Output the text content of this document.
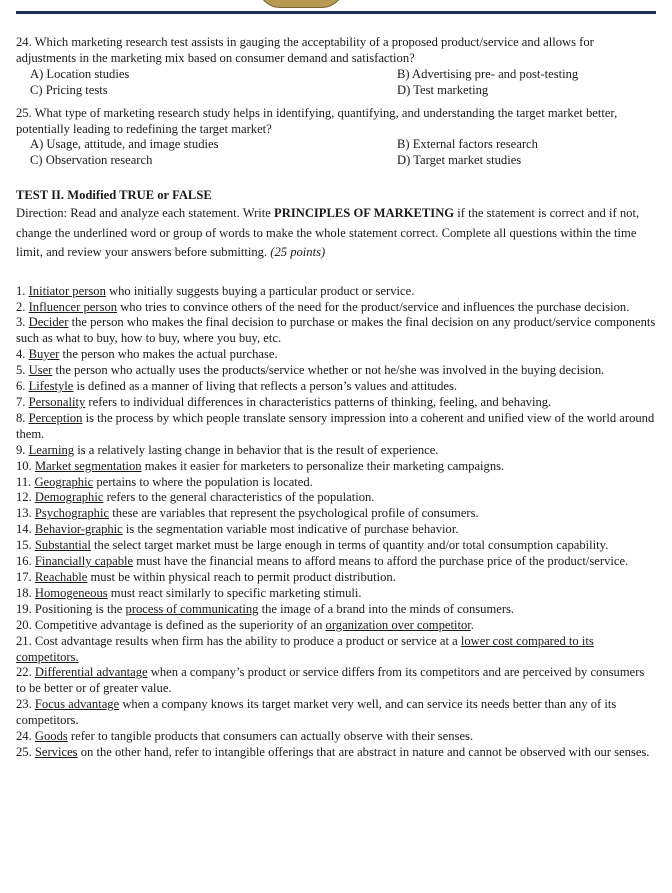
24. Which marketing research test assists in gauging the acceptability of a proposed product/service and allows for adjustments in the marketing mix based on consumer demand and satisfaction?

A) Location studies	B) Advertising pre- and post-testing
C) Pricing tests	D) Test marketing

25. What type of marketing research study helps in identifying, quantifying, and understanding the target market better, potentially leading to redefining the target market?

A) Usage, attitude, and image studies	B) External factors research
C) Observation research	D) Target market studies

TEST II. Modified TRUE or FALSE

Direction: Read and analyze each statement. Write PRINCIPLES OF MARKETING if the statement is correct and if not, change the underlined word or group of words to make the whole statement correct. Complete all questions within the time limit, and review your answers before submitting. (25 points)

1. Initiator person who initially suggests buying a particular product or service.

2. Influencer person who tries to convince others of the need for the product/service and influences the purchase decision.

3. Decider the person who makes the final decision to purchase or makes the final decision on any product/service components such as what to buy, how to buy, where you buy, etc.

4. Buyer the person who makes the actual purchase.

5. User the person who actually uses the products/service whether or not he/she was involved in the buying decision.

6. Lifestyle is defined as a manner of living that reflects a person’s values and attitudes.

7. Personality refers to individual differences in characteristics patterns of thinking, feeling, and behaving.

8. Perception is the process by which people translate sensory impression into a coherent and unified view of the world around them.

9. Learning is a relatively lasting change in behavior that is the result of experience.

10. Market segmentation makes it easier for marketers to personalize their marketing campaigns.

11. Geographic pertains to where the population is located.

12. Demographic refers to the general characteristics of the population.

13. Psychographic these are variables that represent the psychological profile of consumers.

14. Behavior-graphic is the segmentation variable most indicative of purchase behavior.

15. Substantial the select target market must be large enough in terms of quantity and/or total consumption capability.

16. Financially capable must have the financial means to afford means to afford the purchase price of the product/service.

17. Reachable must be within physical reach to permit product distribution.

18. Homogeneous must react similarly to specific marketing stimuli.

19. Positioning is the process of communicating the image of a brand into the minds of consumers.

20. Competitive advantage is defined as the superiority of an organization over competitor.

21. Cost advantage results when firm has the ability to produce a product or service at a lower cost compared to its competitors.

22. Differential advantage when a company’s product or service differs from its competitors and are perceived by consumers to be better or of greater value.

23. Focus advantage when a company knows its target market very well, and can service its needs better than any of its competitors.

24. Goods refer to tangible products that consumers can actually observe with their senses.

25. Services on the other hand, refer to intangible offerings that are abstract in nature and cannot be observed with our senses.
